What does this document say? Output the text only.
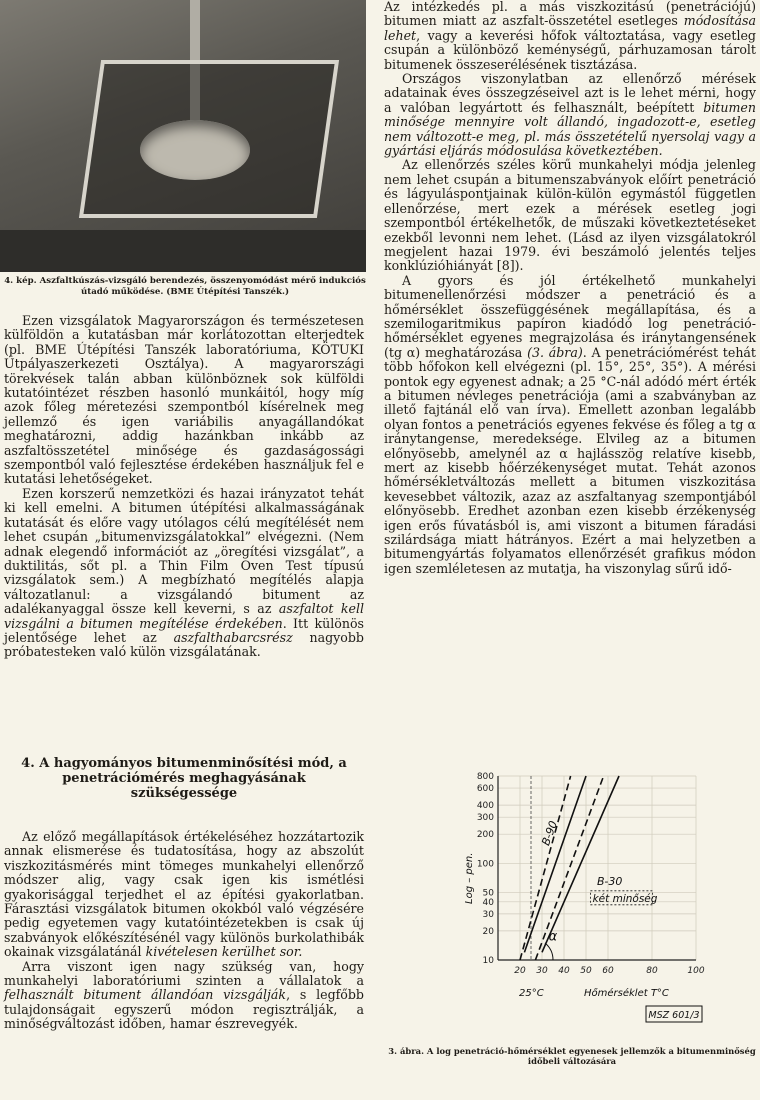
4. kép. Aszfaltkúszás-vizsgáló berendezés, összenyomódást mérő indukciós útadó működése. (BME Útépítési Tanszék.)

Ezen vizsgálatok Magyarországon és természetesen külföldön a kutatásban már korlátozottan elterjedtek (pl. BME Útépítési Tanszék laboratóriuma, KÖTUKI Útpályaszerkezeti Osztálya). A magyarországi törekvések talán abban különböznek sok külföldi kutatóintézet részben hasonló munkáitól, hogy míg azok főleg méretezési szempontból kísérelnek meg jellemző és igen variábilis anyagállandókat meghatározni, addig hazánkban inkább az aszfaltösszetétel minősége és gazdaságossági szempontból való fejlesztése érdekében használjuk fel e kutatási lehetőségeket.

Ezen korszerű nemzetközi és hazai irányzatot tehát ki kell emelni. A bitumen útépítési alkalmasságának kutatását és előre vagy utólagos célú megítélését nem lehet csupán „bitumenvizsgálatokkal” elvégezni. (Nem adnak elegendő információt az „öregítési vizsgálat”, a duktilitás, sőt pl. a Thin Film Oven Test típusú vizsgálatok sem.) A megbízható megítélés alapja változatlanul: a vizsgálandó bitument az adalékanyaggal össze kell keverni, s az aszfaltot kell vizsgálni a bitumen megítélése érdekében. Itt különös jelentősége lehet az aszfalthabarcsrész nagyobb próbatesteken való külön vizsgálatának.

4. A hagyományos bitumenminősítési mód, a penetrációmérés meghagyásának szükségessége

Az előző megállapítások értékeléséhez hozzátartozik annak elismerése és tudatosítása, hogy az abszolút viszkozitásmérés mint tömeges munkahelyi ellenőrző módszer alig, vagy csak igen kis ismétlési gyakorisággal terjedhet el az építési gyakorlatban. Fárasztási vizsgálatok bitumen okokból való végzésére pedig egyetemen vagy kutatóintézetekben is csak új szabványok előkészítésénél vagy különös burkolathibák okainak vizsgálatánál kivételesen kerülhet sor.

Arra viszont igen nagy szükség van, hogy munkahelyi laboratóriumi szinten a vállalatok a felhasznált bitument állandóan vizsgálják, s legfőbb tulajdonságait egyszerű módon regisztrálják, a minőségváltozást időben, hamar észrevegyék.

Az intézkedés pl. a más viszkozitású (penetrációjú) bitumen miatt az aszfalt-összetétel esetleges módosítása lehet, vagy a keverési hőfok változtatása, vagy esetleg csupán a különböző keménységű, párhuzamosan tárolt bitumenek összeserélésének tisztázása.

Országos viszonylatban az ellenőrző mérések adatainak éves összegzéseivel azt is le lehet mérni, hogy a valóban legyártott és felhasznált, beépített bitumen minősége mennyire volt állandó, ingadozott-e, esetleg nem változott-e meg, pl. más összetételű nyersolaj vagy a gyártási eljárás módosulása következtében.

Az ellenőrzés széles körű munkahelyi módja jelenleg nem lehet csupán a bitumenszabványok előírt penetráció és lágyuláspontjainak külön-külön egymástól független ellenőrzése, mert ezek a mérések esetleg jogi szempontból értékelhetők, de műszaki következtetéseket ezekből levonni nem lehet. (Lásd az ilyen vizsgálatokról megjelent hazai 1979. évi beszámoló jelentés teljes konklúzióhiányát [8]).

A gyors és jól értékelhető munkahelyi bitumenellenőrzési módszer a penetráció és a hőmérséklet összefüggésének megállapítása, és a szemilogaritmikus papíron kiadódó log penetráció-hőmérséklet egyenes megrajzolása és iránytangensének (tg α) meghatározása (3. ábra). A penetrációmérést tehát több hőfokon kell elvégezni (pl. 15°, 25°, 35°). A mérési pontok egy egyenest adnak; a 25 °C-nál adódó mért érték a bitumen névleges penetrációja (ami a szabványban az illető fajtánál elő van írva). Emellett azonban legalább olyan fontos a penetrációs egyenes fekvése és főleg a tg α iránytangense, meredeksége. Elvileg az a bitumen előnyösebb, amelynél az α hajlásszög relatíve kisebb, mert az kisebb hőérzékenységet mutat. Tehát azonos hőmérsékletváltozás mellett a bitumen viszkozitása kevesebbet változik, azaz az aszfaltanyag szempontjából előnyösebb. Eredhet azonban ezen kisebb érzékenység igen erős fúvatásból is, ami viszont a bitumen fáradási szilárdsága miatt hátrányos. Ezért a mai helyzetben a bitumengyártás folyamatos ellenőrzését grafikus módon igen szemléletesen az mutatja, ha viszonylag sűrű idő-

10
20
30
40
50
100
200
300
400
600
800
20 30 40 50 60	80	100
B-90
B-30
két minőség
α
25°C	Hőmérséklet T°C
Log – pen.
MSZ 601/3
3. ábra. A log penetráció-hőmérséklet egyenesek jellemzők a bitumenminőség időbeli változására
